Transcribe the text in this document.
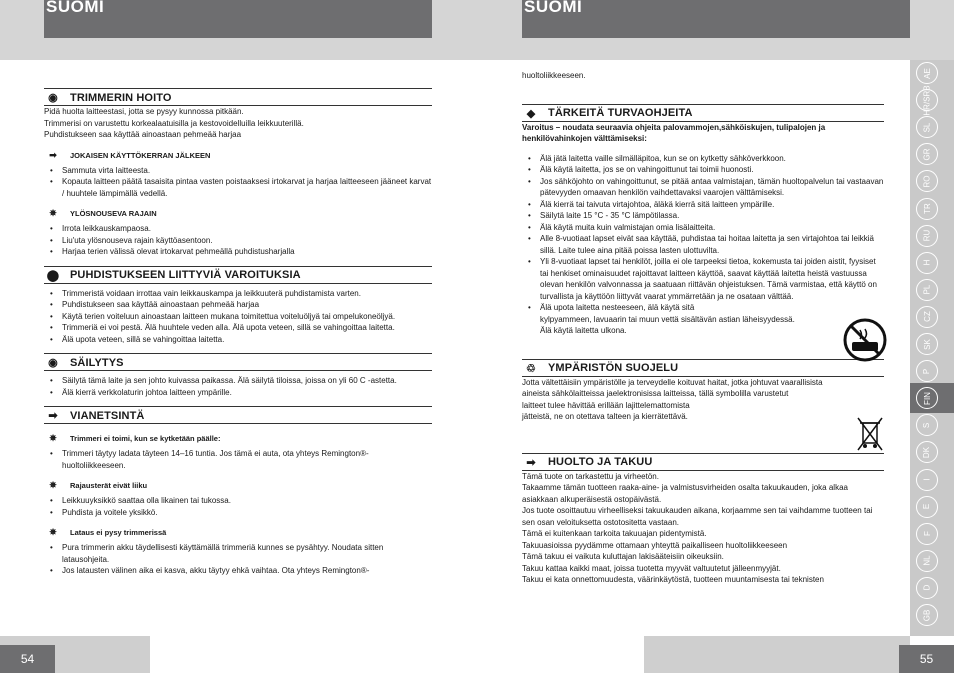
SUOMI	SUOMI
◉	TRIMMERIN HOITO

Pidä huolta laitteestasi, jotta se pysyy kunnossa pitkään.

Trimmerisi on varustettu korkealaatuisilla ja kestovoidelluilla leikkuuterillä.

Puhdistukseen saa käyttää ainoastaan pehmeää harjaa

➡	JOKAISEN KÄYTTÖKERRAN JÄLKEEN
• Sammuta virta laitteesta.
• Kopauta laitteen päätä tasaisita pintaa vasten poistaaksesi irtokarvat ja harjaa laitteeseen jääneet karvat / huuhtele lämpimällä vedellä.
✵	YLÖSNOUSEVA RAJAIN
• Irrota leikkauskampaosa.
• Liu'uta ylösnouseva rajain käyttöasentoon.
• Harjaa terien välissä olevat irtokarvat pehmeällä puhdistusharjalla
⬤ PUHDISTUKSEEN LIITTYVIÄ VAROITUKSIA
• Trimmeristä voidaan irrottaa vain leikkauskampa ja leikkuuterä puhdistamista varten.
• Puhdistukseen saa käyttää ainoastaan pehmeää harjaa
• Käytä terien voiteluun ainoastaan laitteen mukana toimitettua voiteluöljyä tai ompelukoneöljyä.
• Trimmeriä ei voi pestä. Älä huuhtele veden alla. Älä upota veteen, sillä se vahingoittaa laitetta.
• Älä upota veteen, sillä se vahingoittaa laitetta.
◉	SÄILYTYS
• Säilytä tämä laite ja sen johto kuivassa paikassa. Älä säilytä tiloissa, joissa on yli 60 C -astetta.
• Älä kierrä verkkolaturin johtoa laitteen ympärille.
➡	VIANETSINTÄ
✵	Trimmeri ei toimi, kun se kytketään päälle:
• Trimmeri täytyy ladata täyteen 14–16 tuntia. Jos tämä ei auta, ota yhteys Remington®-huoltoliikkeeseen.
✵	Rajausterät eivät liiku
• Leikkuuyksikkö saattaa olla likainen tai tukossa.
• Puhdista ja voitele yksikkö.
✵	Lataus ei pysy trimmerissä
• Pura trimmerin akku täydellisesti käyttämällä trimmeriä kunnes se pysähtyy. Noudata sitten latausohjeita.
• Jos latausten välinen aika ei kasva, akku täytyy ehkä vaihtaa. Ota yhteys Remington®-

huoltoliikkeeseen.

◆	TÄRKEITÄ TURVAOHJEITA

Varoitus – noudata seuraavia ohjeita palovammojen,sähköiskujen, tulipalojen ja henkilövahinkojen välttämiseksi:

• Älä jätä laitetta vaille silmälläpitoa, kun se on kytketty sähköverkkoon.
• Älä käytä laitetta, jos se on vahingoittunut tai toimii huonosti.
• Jos sähköjohto on vahingoittunut, se pitää antaa valmistajan, tämän huoltopalvelun tai vastaavan pätevyyden omaavan henkilön vaihdettavaksi vaarojen välttämiseksi.
• Älä kierrä tai taivuta virtajohtoa, äläkä kierrä sitä laitteen ympärille.
• Säilytä laite 15 °C - 35 °C lämpötilassa.
• Älä käytä muita kuin valmistajan omia lisälaitteita.
• Alle 8-vuotiaat lapset eivät saa käyttää, puhdistaa tai hoitaa laitetta ja sen virtajohtoa tai leikkiä sillä. Laite tulee aina pitää poissa lasten ulottuvilta.
• Yli 8-vuotiaat lapset tai henkilöt, joilla ei ole tarpeeksi tietoa, kokemusta tai joiden aistit, fyysiset tai henkiset ominaisuudet rajoittavat laitteen käyttöä, saavat käyttää laitetta heistä vastuussa olevan henkilön valvonnassa ja saatuaan riittävän ohjeistuksen. Tämä varmistaa, että käyttö on turvallista ja käyttöön liittyvät vaarat ymmärretään ja ne osataan välttää.
• Älä upota laitetta nesteeseen, älä käytä sitä

kylpyammeen, lavuaarin tai muun vettä sisältävän astian läheisyydessä.

Älä käytä laitetta ulkona.

♲	YMPÄRISTÖN SUOJELU

Jotta vältettäisiin ympäristölle ja terveydelle koituvat haitat, jotka johtuvat vaarallisista

aineista sähkölaitteissa jaelektronisissa laitteissa, tällä symbolilla varustetut

laitteet tulee hävittää erillään lajittelemattomista

jätteistä, ne on otettava talteen ja kierrätettävä.

➡	HUOLTO JA TAKUU

Tämä tuote on tarkastettu ja virheetön.

Takaamme tämän tuotteen raaka-aine- ja valmistusvirheiden osalta takuukauden, joka alkaa asiakkaan alkuperäisestä ostopäivästä.

Jos tuote osoittautuu virheelliseksi takuukauden aikana, korjaamme sen tai vaihdamme tuotteen tai sen osan veloituksetta ostotositetta vastaan.

Tämä ei kuitenkaan tarkoita takuuajan pidentymistä.

Takuuasioissa pyydämme ottamaan yhteyttä paikalliseen huoltoliikkeeseen

Tämä takuu ei vaikuta kuluttajan lakisääteisiin oikeuksiin.

Takuu kattaa kaikki maat, joissa tuotetta myyvät valtuutetut jälleenmyyjät.

Takuu ei kata onnettomuudesta, väärinkäytöstä, tuotteen muuntamisesta tai teknisten

GB
D
NL
F
E
I
DK
S
FIN
P
SK
CZ
PL
H
RU
TR
RO
GR
SL
HR/SRB
AE
54	55
